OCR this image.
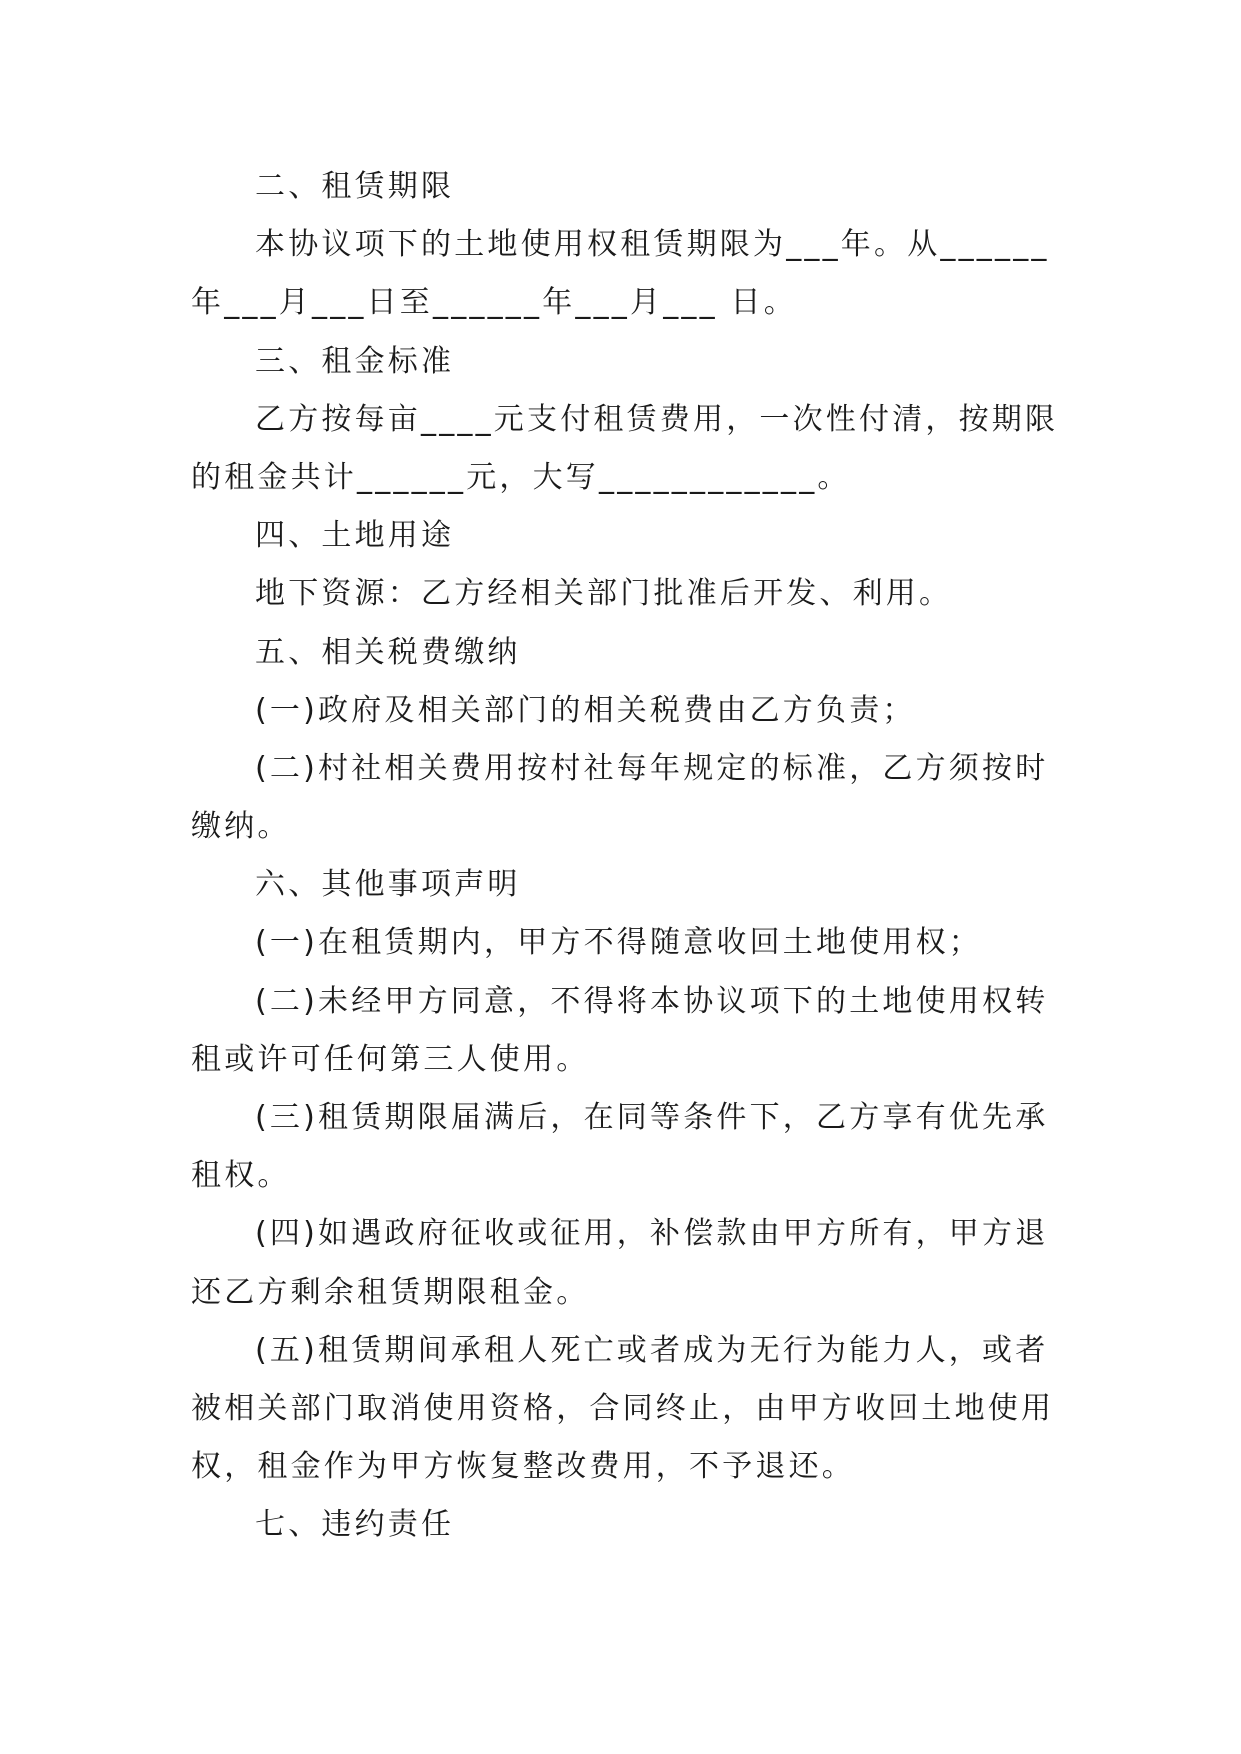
二、租赁期限
本协议项下的土地使用权租赁期限为___年。从______
年___月___日至______年___月___ 日。
三、租金标准
乙方按每亩____元支付租赁费用，一次性付清，按期限
的租金共计______元，大写____________。
四、土地用途
地下资源：乙方经相关部门批准后开发、利用。
五、相关税费缴纳
(一)政府及相关部门的相关税费由乙方负责；
(二)村社相关费用按村社每年规定的标准，乙方须按时
缴纳。
六、其他事项声明
(一)在租赁期内，甲方不得随意收回土地使用权；
(二)未经甲方同意，不得将本协议项下的土地使用权转
租或许可任何第三人使用。
(三)租赁期限届满后，在同等条件下，乙方享有优先承
租权。
(四)如遇政府征收或征用，补偿款由甲方所有，甲方退
还乙方剩余租赁期限租金。
(五)租赁期间承租人死亡或者成为无行为能力人，或者
被相关部门取消使用资格，合同终止，由甲方收回土地使用
权，租金作为甲方恢复整改费用，不予退还。
七、违约责任
